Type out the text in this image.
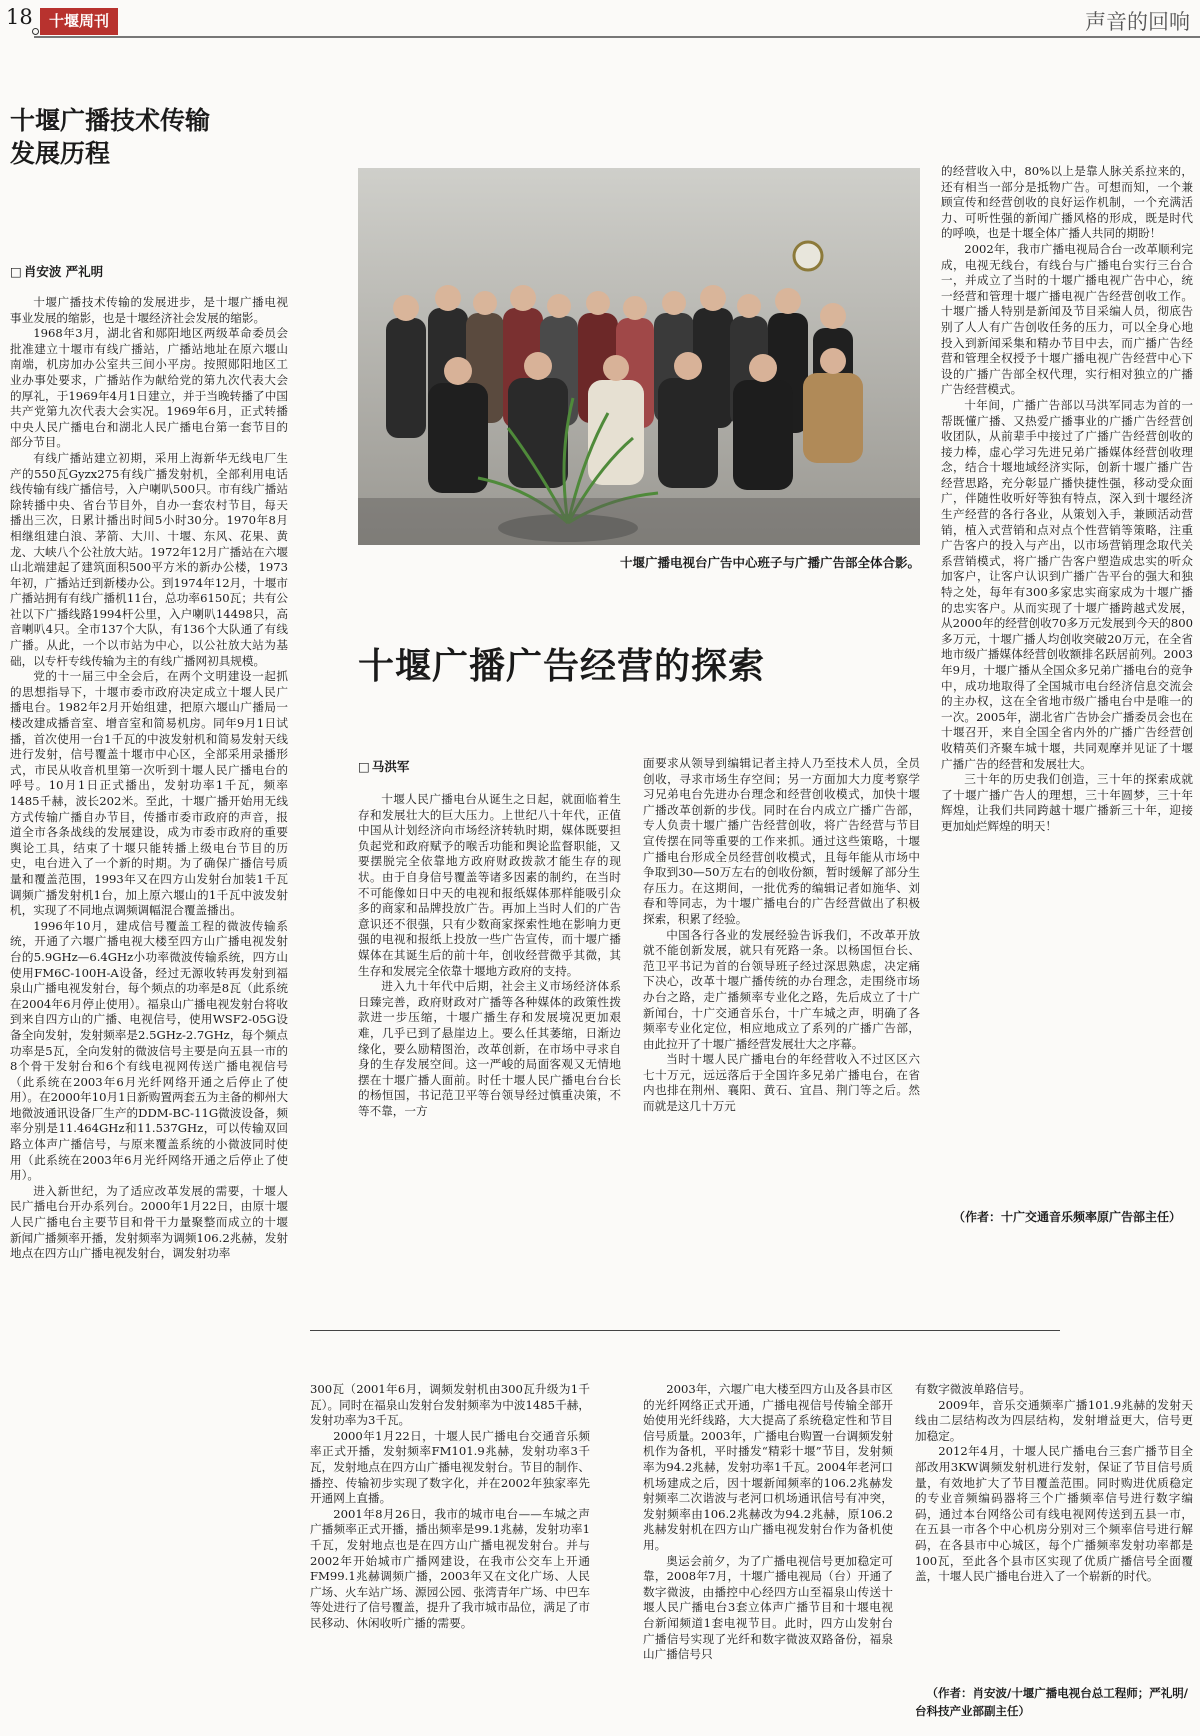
18	十堰周刊	声音的回响
十堰广播技术传输
发展历程
□ 肖安波 严礼明

十堰广播技术传输的发展进步，是十堰广播电视事业发展的缩影，也是十堰经济社会发展的缩影。

1968年3月，湖北省和郧阳地区两级革命委员会批准建立十堰市有线广播站，广播站地址在原六堰山南端，机房加办公室共三间小平房。按照郧阳地区工业办事处要求，广播站作为献给党的第九次代表大会的厚礼，于1969年4月1日建立，并于当晚转播了中国共产党第九次代表大会实况。1969年6月，正式转播中央人民广播电台和湖北人民广播电台第一套节目的部分节目。

有线广播站建立初期，采用上海新华无线电厂生产的550瓦Gyzx275有线广播发射机，全部利用电话线传输有线广播信号，入户喇叭500只。市有线广播站除转播中央、省台节目外，自办一套农村节目，每天播出三次，日累计播出时间5小时30分。1970年8月相继组建白浪、茅箭、大川、十堰、东风、花果、黄龙、大峡八个公社放大站。1972年12月广播站在六堰山北端建起了建筑面积500平方米的新办公楼，1973年初，广播站迁到新楼办公。到1974年12月，十堰市广播站拥有有线广播机11台，总功率6150瓦；共有公社以下广播线路1994杆公里，入户喇叭14498只，高音喇叭4只。全市137个大队，有136个大队通了有线广播。从此，一个以市站为中心，以公社放大站为基础，以专杆专线传输为主的有线广播网初具规模。

党的十一届三中全会后，在两个文明建设一起抓的思想指导下，十堰市委市政府决定成立十堰人民广播电台。1982年2月开始组建，把原六堰山广播局一楼改建成播音室、增音室和简易机房。同年9月1日试播，首次使用一台1千瓦的中波发射机和简易发射天线进行发射，信号覆盖十堰市中心区，全部采用录播形式，市民从收音机里第一次听到十堰人民广播电台的呼号。10月1日正式播出，发射功率1千瓦，频率1485千赫，波长202米。至此，十堰广播开始用无线方式传输广播自办节目，传播市委市政府的声音，报道全市各条战线的发展建设，成为市委市政府的重要舆论工具，结束了十堰只能转播上级电台节目的历史，电台进入了一个新的时期。为了确保广播信号质量和覆盖范围，1993年又在四方山发射台加装1千瓦调频广播发射机1台，加上原六堰山的1千瓦中波发射机，实现了不同地点调频调幅混合覆盖播出。

1996年10月，建成信号覆盖工程的微波传输系统，开通了六堰广播电视大楼至四方山广播电视发射台的5.9GHz—6.4GHz小功率微波传输系统，四方山使用FM6C-100H-A设备，经过无源收转再发射到福泉山广播电视发射台，每个频点的功率是8瓦（此系统在2004年6月停止使用）。福泉山广播电视发射台将收到来自四方山的广播、电视信号，使用WSF2-05G设备全向发射，发射频率是2.5GHz-2.7GHz，每个频点功率是5瓦，全向发射的微波信号主要是向五县一市的8个骨干发射台和6个有线电视网传送广播电视信号（此系统在2003年6月光纤网络开通之后停止了使用）。在2000年10月1日新购置两套五为主备的柳州大地微波通讯设备厂生产的DDM-BC-11G微波设备，频率分别是11.464GHz和11.537GHz，可以传输双回路立体声广播信号，与原来覆盖系统的小微波同时使用（此系统在2003年6月光纤网络开通之后停止了使用）。

进入新世纪，为了适应改革发展的需要，十堰人民广播电台开办系列台。2000年1月22日，由原十堰人民广播电台主要节目和骨干力量聚整而成立的十堰新闻广播频率开播，发射频率为调频106.2兆赫，发射地点在四方山广播电视发射台，调发射功率

十堰广播电视台广告中心班子与广播广告部全体合影。
十堰广播广告经营的探索
□ 马洪军

十堰人民广播电台从诞生之日起，就面临着生存和发展壮大的巨大压力。上世纪八十年代，正值中国从计划经济向市场经济转轨时期，媒体既要担负起党和政府赋予的喉舌功能和舆论监督职能，又要摆脱完全依靠地方政府财政拨款才能生存的现状。由于自身信号覆盖等诸多因素的制约，在当时不可能像如日中天的电视和报纸媒体那样能吸引众多的商家和品牌投放广告。再加上当时人们的广告意识还不很强，只有少数商家探索性地在影响力更强的电视和报纸上投放一些广告宣传，而十堰广播媒体在其诞生后的前十年，创收经营微乎其微，其生存和发展完全依靠十堰地方政府的支持。

进入九十年代中后期，社会主义市场经济体系日臻完善，政府财政对广播等各种媒体的政策性拨款进一步压缩，十堰广播生存和发展境况更加艰难，几乎已到了悬崖边上。要么任其萎缩，日渐边缘化，要么励精图治，改革创新，在市场中寻求自身的生存发展空间。这一严峻的局面客观又无情地摆在十堰广播人面前。时任十堰人民广播电台台长的杨恒国，书记范卫平等台领导经过慎重决策，不等不靠，一方

面要求从领导到编辑记者主持人乃至技术人员，全员创收，寻求市场生存空间；另一方面加大力度考察学习兄弟电台先进办台理念和经营创收模式，加快十堰广播改革创新的步伐。同时在台内成立广播广告部，专人负责十堰广播广告经营创收，将广告经营与节目宣传摆在同等重要的工作来抓。通过这些策略，十堰广播电台形成全员经营创收模式，且每年能从市场中争取到30—50万左右的创收份额，暂时缓解了部分生存压力。在这期间，一批优秀的编辑记者如施华、刘春和等同志，为十堰广播电台的广告经营做出了积极探索，积累了经验。

中国各行各业的发展经验告诉我们，不改革开放就不能创新发展，就只有死路一条。以杨国恒台长、范卫平书记为首的台领导班子经过深思熟虑，决定痛下决心，改革十堰广播传统的办台理念，走围绕市场办台之路，走广播频率专业化之路，先后成立了十广新闻台，十广交通音乐台，十广车城之声，明确了各频率专业化定位，相应地成立了系列的广播广告部，由此拉开了十堰广播经营发展壮大之序幕。

当时十堰人民广播电台的年经营收入不过区区六七十万元，远远落后于全国许多兄弟广播电台，在省内也排在荆州、襄阳、黄石、宜昌、荆门等之后。然而就是这几十万元

的经营收入中，80%以上是靠人脉关系拉来的，还有相当一部分是抵物广告。可想而知，一个兼顾宣传和经营创收的良好运作机制，一个充满活力、可听性强的新闻广播风格的形成，既是时代的呼唤，也是十堰全体广播人共同的期盼！

2002年，我市广播电视局合台一改革顺利完成，电视无线台，有线台与广播电台实行三台合一，并成立了当时的十堰广播电视广告中心，统一经营和管理十堰广播电视广告经营创收工作。十堰广播人特别是新闻及节目采编人员，彻底告别了人人有广告创收任务的压力，可以全身心地投入到新闻采集和精办节目中去，而广播广告经营和管理全权授予十堰广播电视广告经营中心下设的广播广告部全权代理，实行相对独立的广播广告经营模式。

十年间，广播广告部以马洪军同志为首的一帮既懂广播、又热爱广播事业的广播广告经营创收团队，从前辈手中接过了广播广告经营创收的接力棒，虚心学习先进兄弟广播媒体经营创收理念，结合十堰地域经济实际，创新十堰广播广告经营思路，充分彰显广播快捷性强，移动受众面广，伴随性收听好等独有特点，深入到十堰经济生产经营的各行各业，从策划入手，兼顾活动营销，植入式营销和点对点个性营销等策略，注重广告客户的投入与产出，以市场营销理念取代关系营销模式，将广播广告客户塑造成忠实的听众加客户，让客户认识到广播广告平台的强大和独特之处，每年有300多家忠实商家成为十堰广播的忠实客户。从而实现了十堰广播跨越式发展，从2000年的经营创收70多万元发展到今天的800多万元，十堰广播人均创收突破20万元，在全省地市级广播媒体经营创收额排名跃居前列。2003年9月，十堰广播从全国众多兄弟广播电台的竞争中，成功地取得了全国城市电台经济信息交流会的主办权，这在全省地市级广播电台中是唯一的一次。2005年，湖北省广告协会广播委员会也在十堰召开，来自全国全省内外的广播广告经营创收精英们齐聚车城十堰，共同观摩并见证了十堰广播广告的经营和发展壮大。

三十年的历史我们创造，三十年的探索成就了十堰广播广告人的理想，三十年圆梦，三十年辉煌，让我们共同跨越十堰广播新三十年，迎接更加灿烂辉煌的明天！

（作者：十广交通音乐频率原广告部主任）

300瓦（2001年6月，调频发射机由300瓦升级为1千瓦）。同时在福泉山发射台发射频率为中波1485千赫，发射功率为3千瓦。

2000年1月22日，十堰人民广播电台交通音乐频率正式开播，发射频率FM101.9兆赫，发射功率3千瓦，发射地点在四方山广播电视发射台。节目的制作、播控、传输初步实现了数字化，并在2002年独家率先开通网上直播。

2001年8月26日，我市的城市电台——车城之声广播频率正式开播，播出频率是99.1兆赫，发射功率1千瓦，发射地点也是在四方山广播电视发射台。并与2002年开始城市广播网建设，在我市公交车上开通FM99.1兆赫调频广播，2003年又在文化广场、人民广场、火车站广场、源园公园、张湾青年广场、中巴车等处进行了信号覆盖，提升了我市城市品位，满足了市民移动、休闲收听广播的需要。

2003年，六堰广电大楼至四方山及各县市区的光纤网络正式开通，广播电视信号传输全部开始使用光纤线路，大大提高了系统稳定性和节目信号质量。2003年，广播电台购置一台调频发射机作为备机，平时播发“精彩十堰”节目，发射频率为94.2兆赫，发射功率1千瓦。2004年老河口机场建成之后，因十堰新闻频率的106.2兆赫发射频率二次谐波与老河口机场通讯信号有冲突，发射频率由106.2兆赫改为94.2兆赫，原106.2兆赫发射机在四方山广播电视发射台作为备机使用。

奥运会前夕，为了广播电视信号更加稳定可靠，2008年7月，十堰广播电视局（台）开通了数字微波，由播控中心经四方山至福泉山传送十堰人民广播电台3套立体声广播节目和十堰电视台新闻频道1套电视节目。此时，四方山发射台广播信号实现了光纤和数字微波双路备份，福泉山广播信号只

有数字微波单路信号。

2009年，音乐交通频率广播101.9兆赫的发射天线由二层结构改为四层结构，发射增益更大，信号更加稳定。

2012年4月，十堰人民广播电台三套广播节目全部改用3KW调频发射机进行发射，保证了节目信号质量，有效地扩大了节目覆盖范围。同时购进优质稳定的专业音频编码器将三个广播频率信号进行数字编码，通过本台网络公司有线电视网传送到五县一市，在五县一市各个中心机房分别对三个频率信号进行解码，在各县市中心城区，每个广播频率发射功率都是100瓦，至此各个县市区实现了优质广播信号全面覆盖，十堰人民广播电台进入了一个崭新的时代。

（作者：肖安波/十堰广播电视台总工程师；严礼明/台科技产业部副主任）
